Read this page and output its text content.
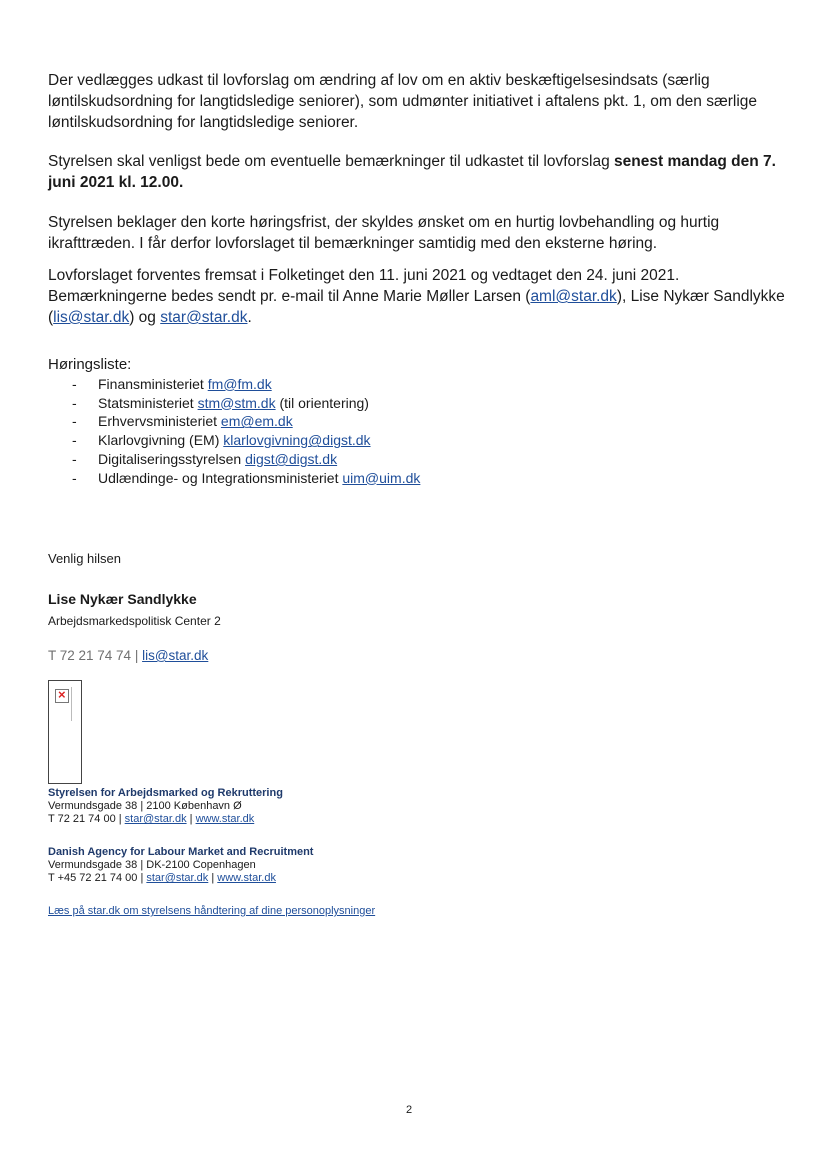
Der vedlægges udkast til lovforslag om ændring af lov om en aktiv beskæftigelsesindsats (særlig løntilskudsordning for langtidsledige seniorer), som udmønter initiativet i aftalens pkt. 1, om den særlige løntilskudsordning for langtidsledige seniorer.
Styrelsen skal venligst bede om eventuelle bemærkninger til udkastet til lovforslag senest mandag den 7. juni 2021 kl. 12.00.
Styrelsen beklager den korte høringsfrist, der skyldes ønsket om en hurtig lovbehandling og hurtig ikrafttræden. I får derfor lovforslaget til bemærkninger samtidig med den eksterne høring.
Lovforslaget forventes fremsat i Folketinget den 11. juni 2021 og vedtaget den 24. juni 2021. Bemærkningerne bedes sendt pr. e-mail til Anne Marie Møller Larsen (aml@star.dk), Lise Nykær Sandlykke (lis@star.dk) og star@star.dk.
Høringsliste:
- Finansministeriet fm@fm.dk
- Statsministeriet stm@stm.dk (til orientering)
- Erhvervsministeriet em@em.dk
- Klarlovgivning (EM) klarlovgivning@digst.dk
- Digitaliseringsstyrelsen digst@digst.dk
- Udlændinge- og Integrationsministeriet uim@uim.dk
Venlig hilsen
Lise Nykær Sandlykke
Arbejdsmarkedspolitisk Center 2
T 72 21 74 74 | lis@star.dk
×
Styrelsen for Arbejdsmarked og Rekruttering
Vermundsgade 38 | 2100 København Ø
T 72 21 74 00 | star@star.dk | www.star.dk
Danish Agency for Labour Market and Recruitment
Vermundsgade 38 | DK-2100 Copenhagen
T +45 72 21 74 00 | star@star.dk | www.star.dk
Læs på star.dk om styrelsens håndtering af dine personoplysninger
2
